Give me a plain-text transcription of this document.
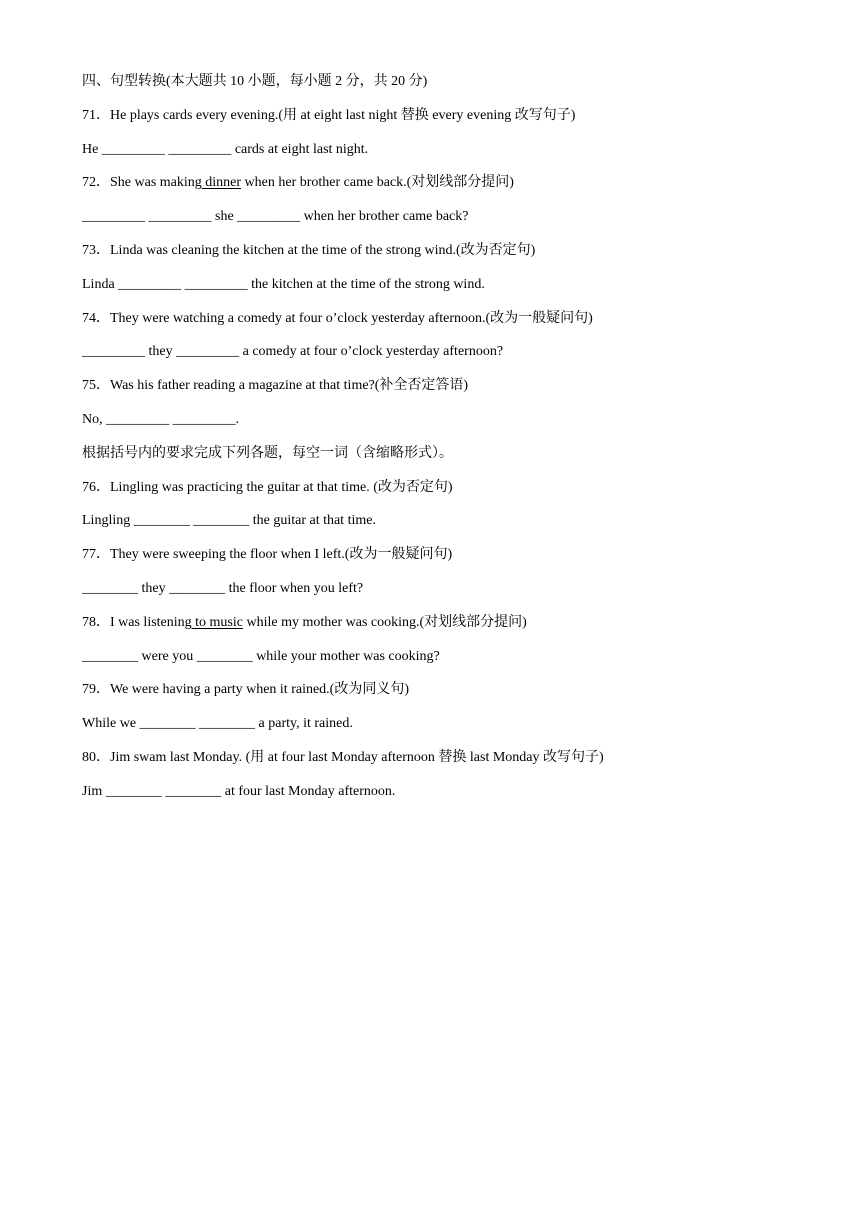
四、句型转换(本大题共 10 小题，每小题 2 分，共 20 分)
71．He plays cards every evening.(用 at eight last night 替换 every evening 改写句子)
He _________ _________ cards at eight last night.
72．She was making dinner when her brother came back.(对划线部分提问)
_________ _________ she _________ when her brother came back?
73．Linda was cleaning the kitchen at the time of the strong wind.(改为否定句)
Linda _________ _________ the kitchen at the time of the strong wind.
74．They were watching a comedy at four o’clock yesterday afternoon.(改为一般疑问句)
_________ they _________ a comedy at four o’clock yesterday afternoon?
75．Was his father reading a magazine at that time?(补全否定答语)
No, _________ _________.
根据括号内的要求完成下列各题，每空一词（含缩略形式）。
76．Lingling was practicing the guitar at that time. (改为否定句)
Lingling ________ ________ the guitar at that time.
77．They were sweeping the floor when I left.(改为一般疑问句)
________ they ________ the floor when you left?
78．I was listening to music while my mother was cooking.(对划线部分提问)
________ were you ________ while your mother was cooking?
79．We were having a party when it rained.(改为同义句)
While we ________ ________ a party, it rained.
80．Jim swam last Monday. (用 at four last Monday afternoon 替换 last Monday 改写句子)
Jim ________ ________ at four last Monday afternoon.
